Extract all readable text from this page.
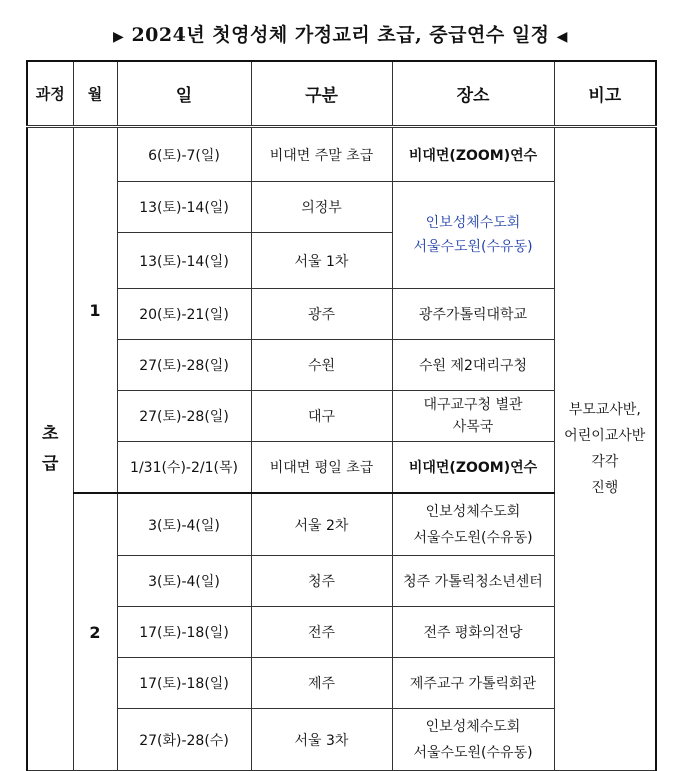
▶ 2024년 첫영성체 가정교리 초급, 중급연수 일정 ◀
과정	월	일	구분	장소	비고
초급	1	6(토)-7(일)	비대면 주말 초급	비대면(ZOOM)연수	부모교사반,
어린이교사반
각각
진행

		13(토)-14(일)	의정부	인보성체수도회
서울수도원(수유동)	

		13(토)-14(일)	서울 1차		
		20(토)-21(일)	광주	광주가톨릭대학교	
		27(토)-28(일)	수원	수원 제2대리구청	
		27(토)-28(일)	대구	대구교구청 별관
사목국	

		1/31(수)-2/1(목)	비대면 평일 초급	비대면(ZOOM)연수	
	2	3(토)-4(일)	서울 2차	인보성체수도회
서울수도원(수유동)	

		3(토)-4(일)	청주	청주 가톨릭청소년센터	
		17(토)-18(일)	전주	전주 평화의전당	
		17(토)-18(일)	제주	제주교구 가톨릭회관	
		27(화)-28(수)	서울 3차	인보성체수도회
서울수도원(수유동)	
